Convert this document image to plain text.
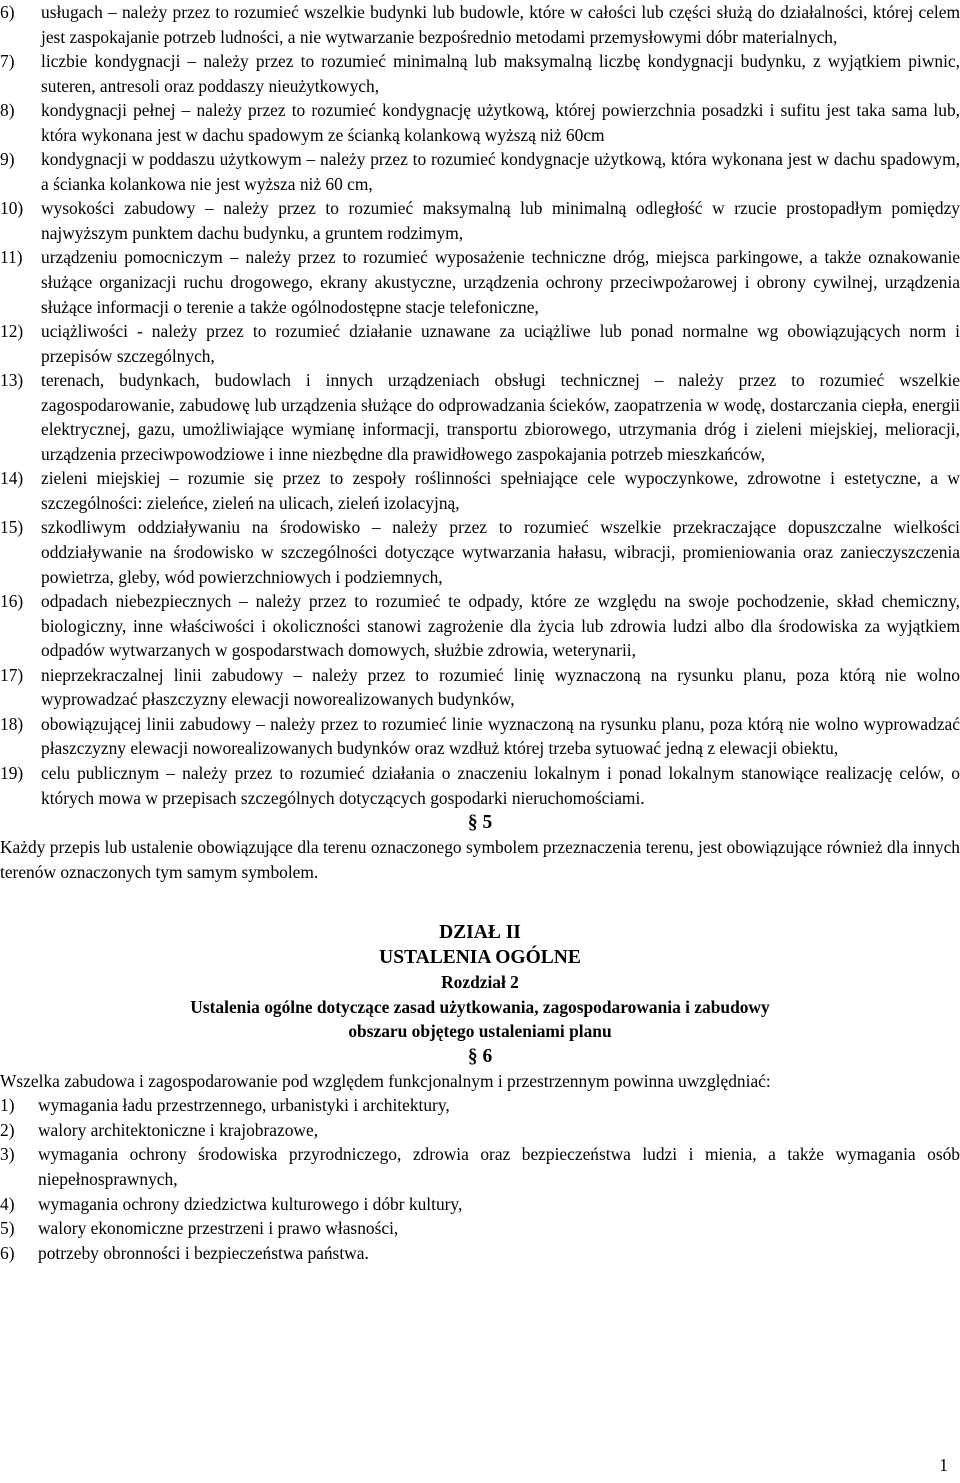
6)	usługach – należy przez to rozumieć wszelkie budynki lub budowle, które w całości lub części służą do działalności, której celem jest zaspokajanie potrzeb ludności, a nie wytwarzanie bezpośrednio metodami przemysłowymi dóbr materialnych,
7)	liczbie kondygnacji – należy przez to rozumieć minimalną lub maksymalną liczbę kondygnacji budynku, z wyjątkiem piwnic, suteren, antresoli oraz poddaszy nieużytkowych,
8)	kondygnacji pełnej – należy przez to rozumieć kondygnację użytkową, której powierzchnia posadzki i sufitu jest taka sama lub, która wykonana jest w dachu spadowym ze ścianką kolankową wyższą niż 60cm
9)	kondygnacji w poddaszu użytkowym – należy przez to rozumieć kondygnacje użytkową, która wykonana jest w dachu spadowym, a ścianka kolankowa nie jest wyższa niż 60 cm,
10)	wysokości zabudowy – należy przez to rozumieć maksymalną lub minimalną odległość w rzucie prostopadłym pomiędzy najwyższym punktem dachu budynku, a gruntem rodzimym,
11)	urządzeniu pomocniczym – należy przez to rozumieć wyposażenie techniczne dróg, miejsca parkingowe, a także oznakowanie służące organizacji ruchu drogowego, ekrany akustyczne, urządzenia ochrony przeciwpożarowej i obrony cywilnej, urządzenia służące informacji o terenie a także ogólnodostępne stacje telefoniczne,
12)	uciążliwości - należy przez to rozumieć działanie uznawane za uciążliwe lub ponad normalne wg obowiązujących norm i przepisów szczególnych,
13)	terenach, budynkach, budowlach i innych urządzeniach obsługi technicznej – należy przez to rozumieć wszelkie zagospodarowanie, zabudowę lub urządzenia służące do odprowadzania ścieków, zaopatrzenia w wodę, dostarczania ciepła, energii elektrycznej, gazu, umożliwiające wymianę informacji, transportu zbiorowego, utrzymania dróg i zieleni miejskiej, melioracji, urządzenia przeciwpowodziowe i inne niezbędne dla prawidłowego zaspokajania potrzeb mieszkańców,
14)	zieleni miejskiej – rozumie się przez to zespoły roślinności spełniające cele wypoczynkowe, zdrowotne i estetyczne, a w szczególności: zieleńce, zieleń na ulicach, zieleń izolacyjną,
15)	szkodliwym oddziaływaniu na środowisko – należy przez to rozumieć wszelkie przekraczające dopuszczalne wielkości oddziaływanie na środowisko w szczególności dotyczące wytwarzania hałasu, wibracji, promieniowania oraz zanieczyszczenia powietrza, gleby, wód powierzchniowych i podziemnych,
16)	odpadach niebezpiecznych – należy przez to rozumieć te odpady, które ze względu na swoje pochodzenie, skład chemiczny, biologiczny, inne właściwości i okoliczności stanowi zagrożenie dla życia lub zdrowia ludzi albo dla środowiska za wyjątkiem odpadów wytwarzanych w gospodarstwach domowych, służbie zdrowia, weterynarii,
17)	nieprzekraczalnej linii zabudowy – należy przez to rozumieć linię wyznaczoną na rysunku planu, poza którą nie wolno wyprowadzać płaszczyzny elewacji noworealizowanych budynków,
18)	obowiązującej linii zabudowy – należy przez to rozumieć linie wyznaczoną na rysunku planu, poza którą nie wolno wyprowadzać płaszczyzny elewacji noworealizowanych budynków oraz wzdłuż której trzeba sytuować jedną z elewacji obiektu,
19)	celu publicznym – należy przez to rozumieć działania o znaczeniu lokalnym i ponad lokalnym stanowiące realizację celów, o których mowa w przepisach szczególnych dotyczących gospodarki nieruchomościami.

§ 5

Każdy przepis lub ustalenie obowiązujące dla terenu oznaczonego symbolem przeznaczenia terenu, jest obowiązujące również dla innych terenów oznaczonych tym samym symbolem.

DZIAŁ II

USTALENIA OGÓLNE

Rozdział 2

Ustalenia ogólne dotyczące zasad użytkowania, zagospodarowania i zabudowy

obszaru objętego ustaleniami planu

§ 6

Wszelka zabudowa i zagospodarowanie pod względem funkcjonalnym i przestrzennym powinna uwzględniać:

1)	wymagania ładu przestrzennego, urbanistyki i architektury,
2)	walory architektoniczne i krajobrazowe,
3)	wymagania ochrony środowiska przyrodniczego, zdrowia oraz bezpieczeństwa ludzi i mienia, a także wymagania osób niepełnosprawnych,
4)	wymagania ochrony dziedzictwa kulturowego i dóbr kultury,
5)	walory ekonomiczne przestrzeni i prawo własności,
6)	potrzeby obronności i bezpieczeństwa państwa.
1
